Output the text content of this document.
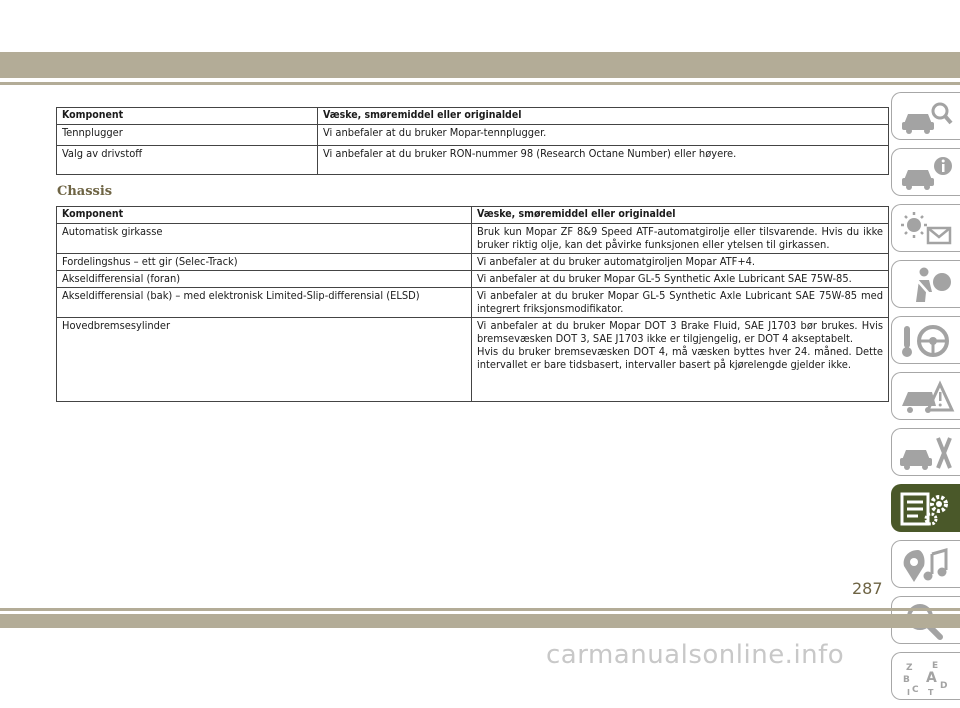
Komponent	Væske, smøremiddel eller originaldel
Tennplugger	Vi anbefaler at du bruker Mopar-tennplugger.
Valg av drivstoff	Vi anbefaler at du bruker RON-nummer 98 (Research Octane Number) eller høyere.
Chassis
Komponent	Væske, smøremiddel eller originaldel
Automatisk girkasse	Bruk kun Mopar ZF 8&9 Speed ATF-automatgirolje eller tilsvarende. Hvis du ikke bruker riktig olje, kan det påvirke funksjonen eller ytelsen til girkassen.
Fordelingshus – ett gir (Selec-Track)	Vi anbefaler at du bruker automatgiroljen Mopar ATF+4.
Akseldifferensial (foran)	Vi anbefaler at du bruker Mopar GL-5 Synthetic Axle Lubricant SAE 75W-85.
Akseldifferensial (bak) – med elektronisk Limited-Slip-differensial (ELSD)	Vi anbefaler at du bruker Mopar GL-5 Synthetic Axle Lubricant SAE 75W-85 med integrert friksjonsmodifikator.
Hovedbremsesylinder	Vi anbefaler at du bruker Mopar DOT 3 Brake Fluid, SAE J1703 bør brukes. Hvis bremsevæsken DOT 3, SAE J1703 ikke er tilgjengelig, er DOT 4 akseptabelt.
Hvis du bruker bremsevæsken DOT 4, må væsken byttes hver 24. måned. Dette intervallet er bare tidsbasert, intervaller basert på kjørelengde gjelder ikke.
Z E
B A
C D
I T
287
carmanualsonline.info
